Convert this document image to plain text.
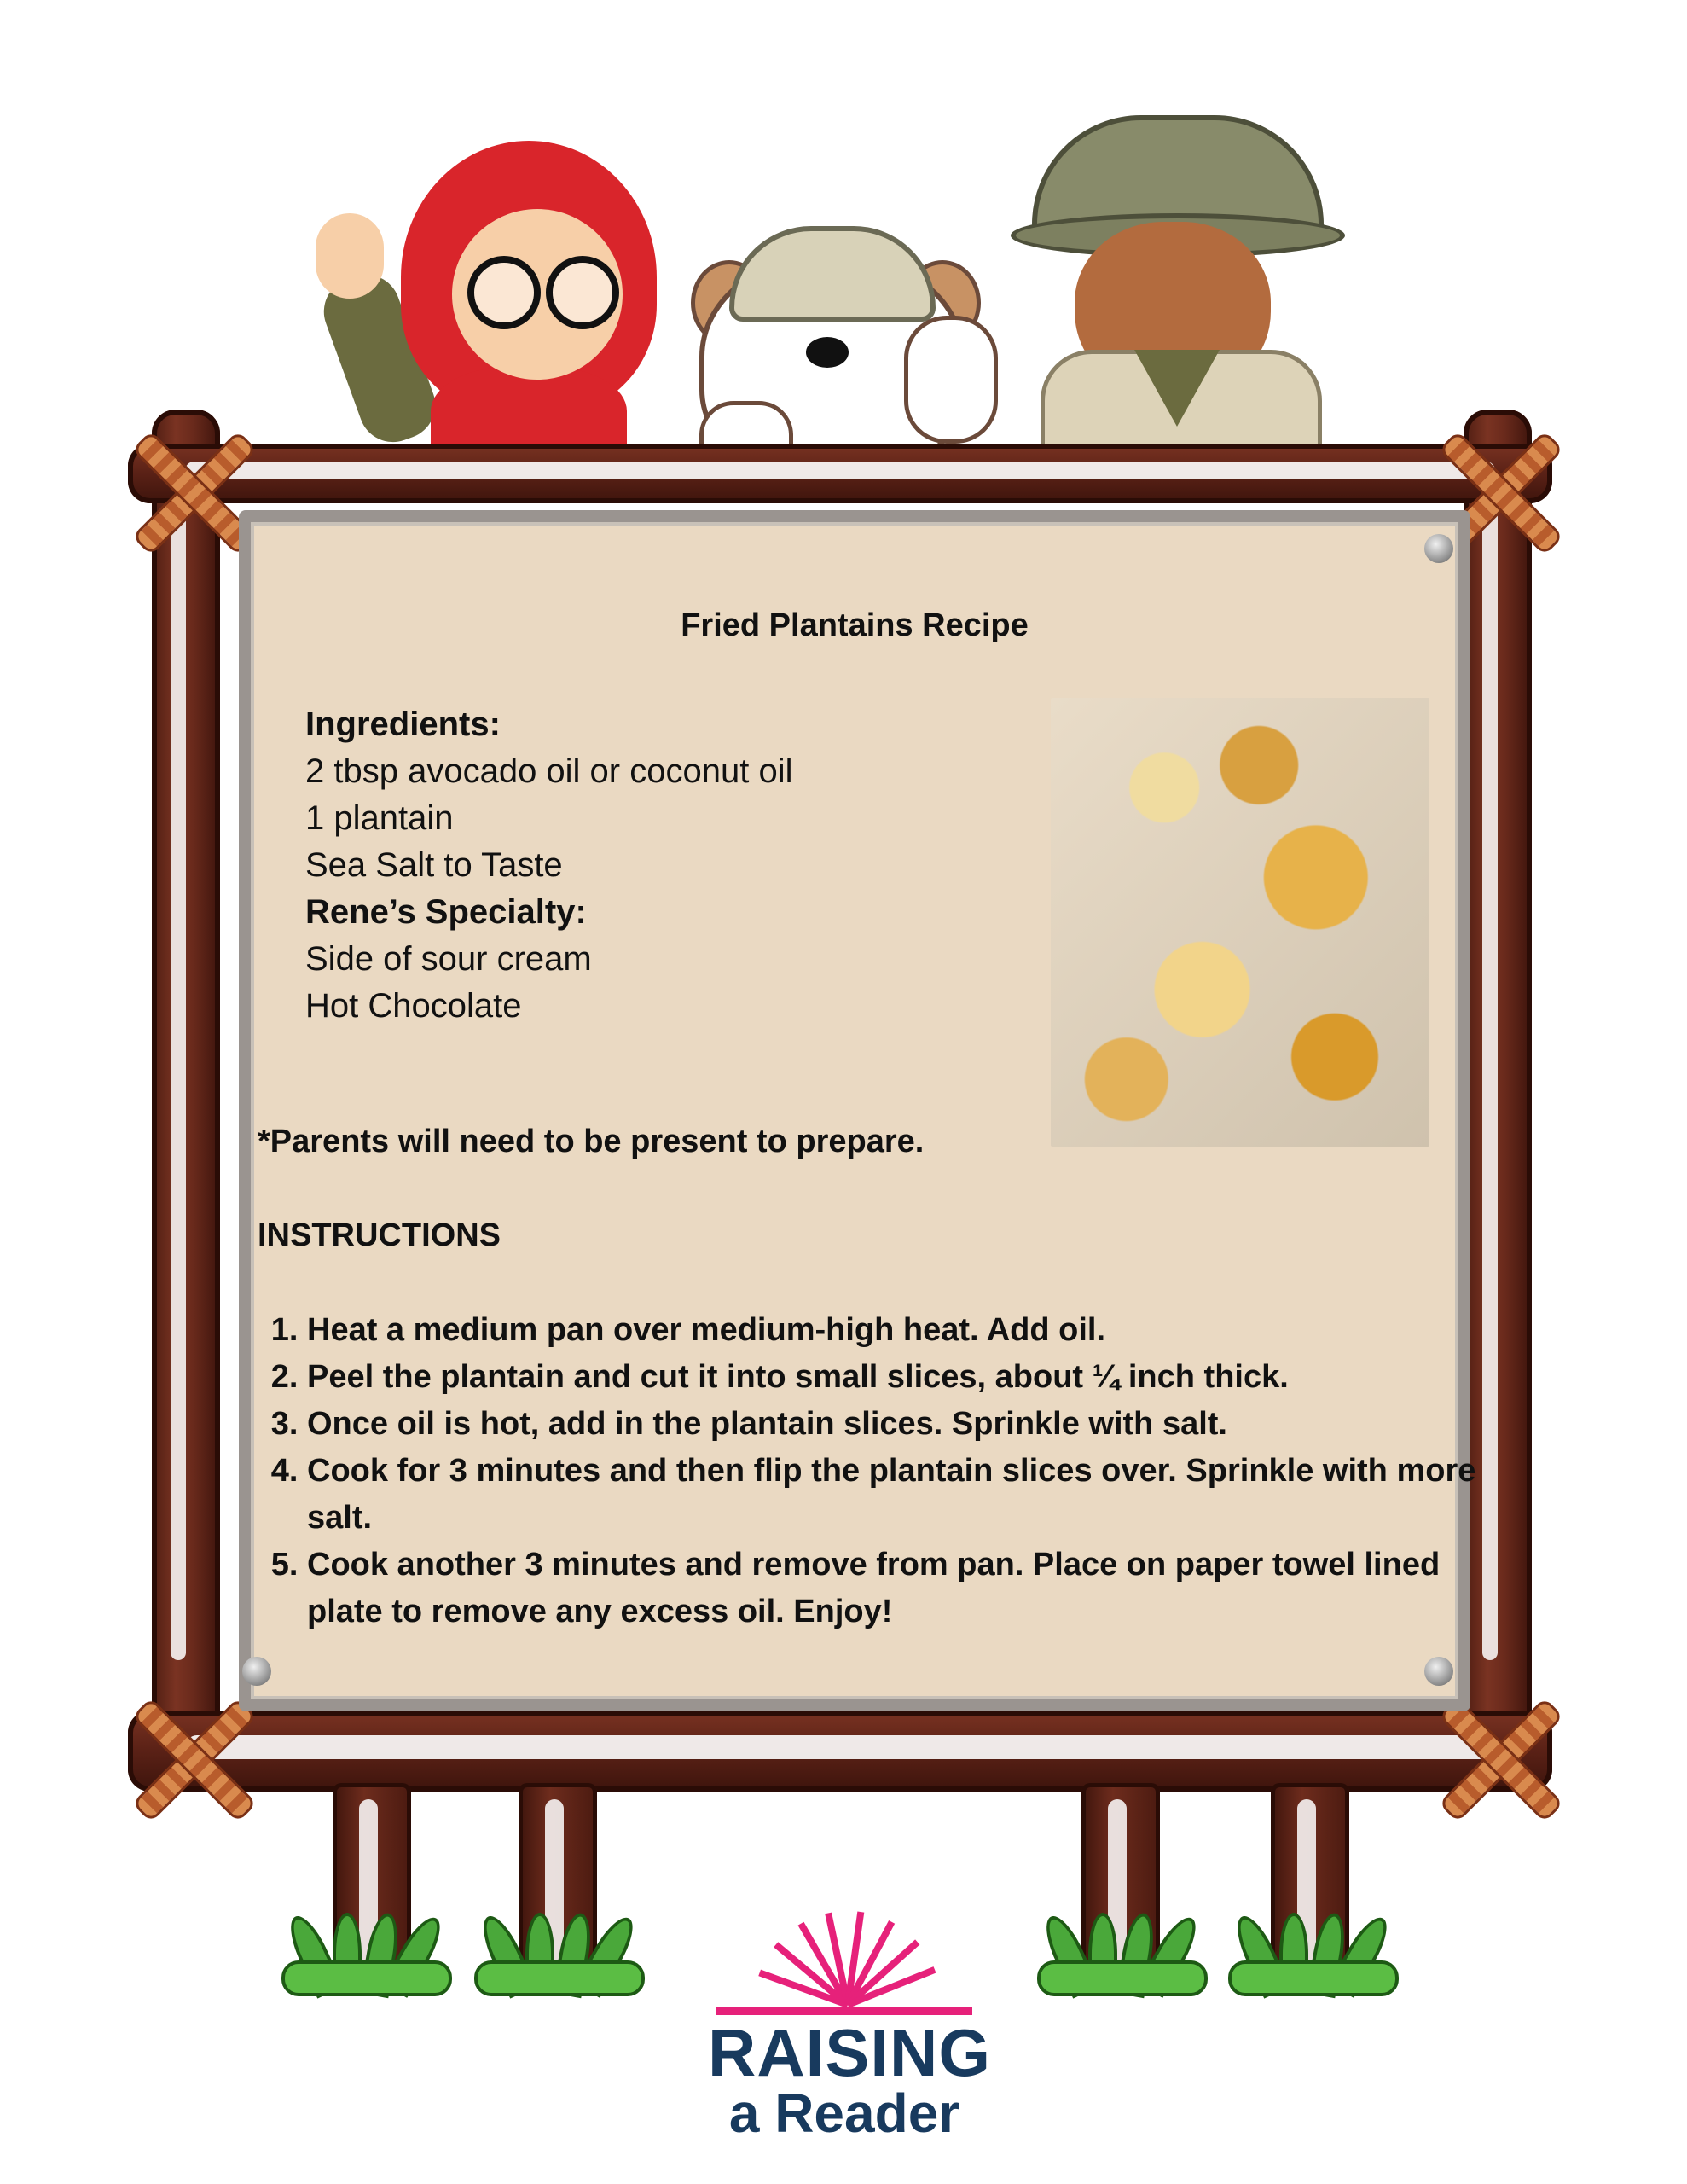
Fried Plantains Recipe
Ingredients:
2 tbsp avocado oil or coconut oil
1 plantain
Sea Salt to Taste
Rene’s Specialty:
Side of sour cream
Hot Chocolate
*Parents will need to be present to prepare.
INSTRUCTIONS
1. Heat a medium pan over medium-high heat. Add oil.
2. Peel the plantain and cut it into small slices, about ¼ inch thick.
3. Once oil is hot, add in the plantain slices. Sprinkle with salt.
4. Cook for 3 minutes and then flip the plantain slices over. Sprinkle with more salt.
5. Cook another 3 minutes and remove from pan. Place on paper towel lined plate to remove any excess oil. Enjoy!
RAISING
a Reader
